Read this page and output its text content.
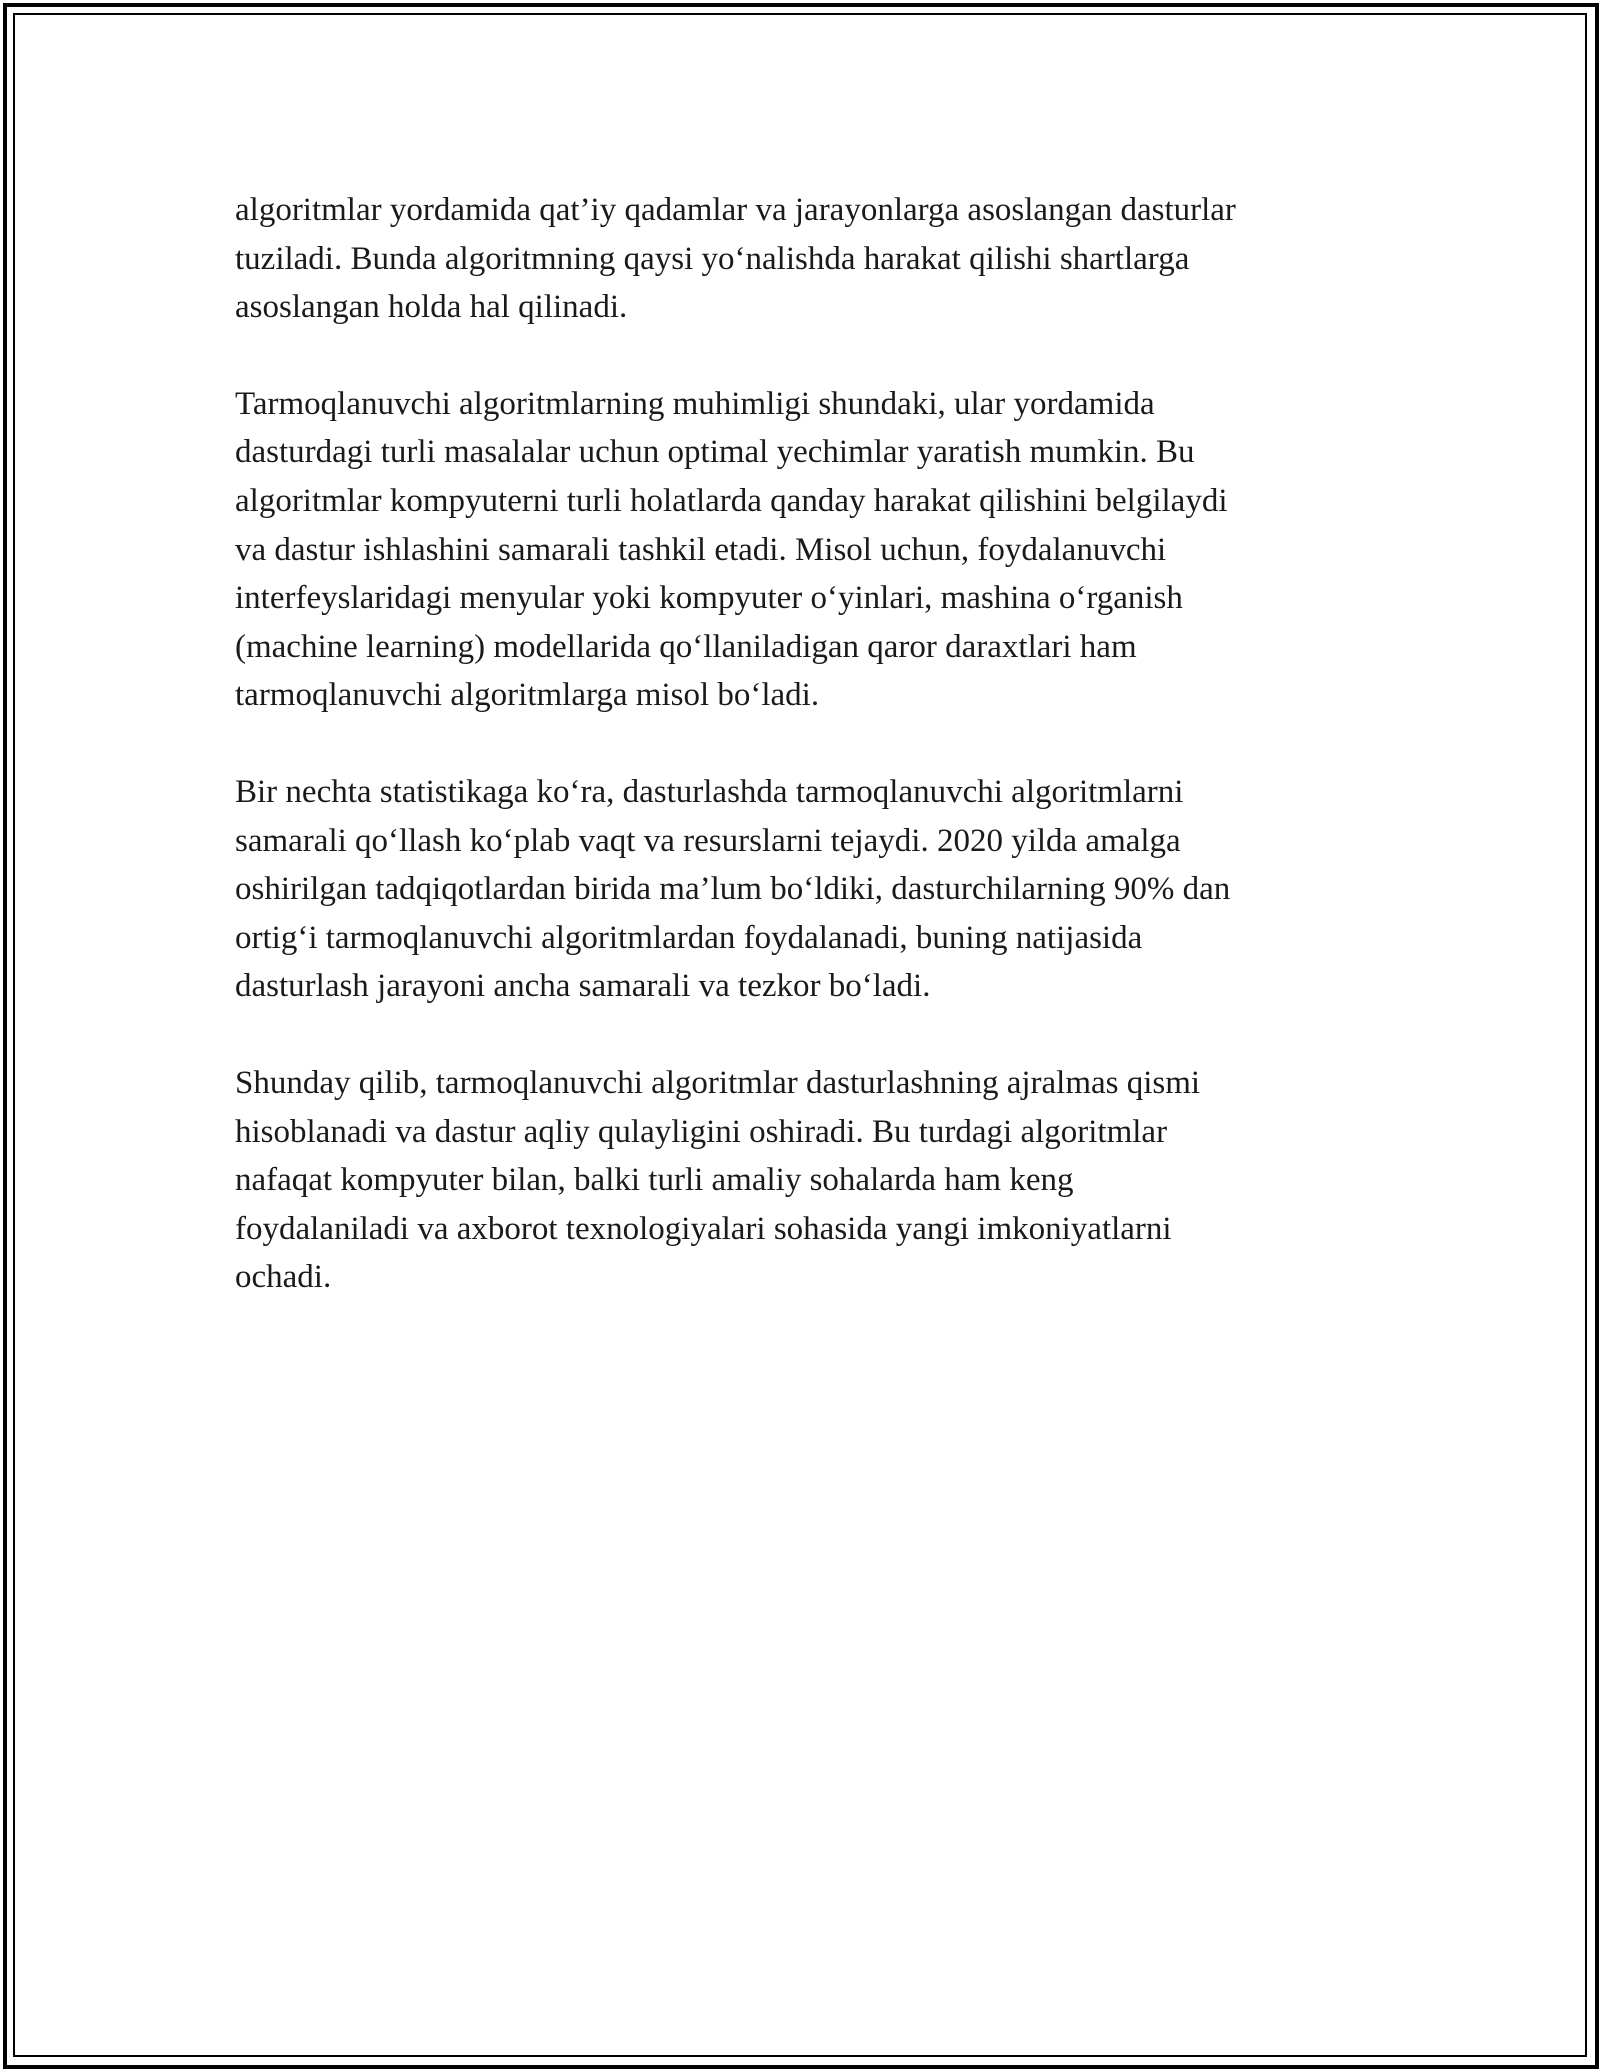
algoritmlar yordamida qat’iy qadamlar va jarayonlarga asoslangan dasturlar
tuziladi. Bunda algoritmning qaysi yo‘nalishda harakat qilishi shartlarga
asoslangan holda hal qilinadi.

Tarmoqlanuvchi algoritmlarning muhimligi shundaki, ular yordamida
dasturdagi turli masalalar uchun optimal yechimlar yaratish mumkin. Bu
algoritmlar kompyuterni turli holatlarda qanday harakat qilishini belgilaydi
va dastur ishlashini samarali tashkil etadi. Misol uchun, foydalanuvchi
interfeyslaridagi menyular yoki kompyuter o‘yinlari, mashina o‘rganish
(machine learning) modellarida qo‘llaniladigan qaror daraxtlari ham
tarmoqlanuvchi algoritmlarga misol bo‘ladi.

Bir nechta statistikaga ko‘ra, dasturlashda tarmoqlanuvchi algoritmlarni
samarali qo‘llash ko‘plab vaqt va resurslarni tejaydi. 2020 yilda amalga
oshirilgan tadqiqotlardan birida ma’lum bo‘ldiki, dasturchilarning 90% dan
ortig‘i tarmoqlanuvchi algoritmlardan foydalanadi, buning natijasida
dasturlash jarayoni ancha samarali va tezkor bo‘ladi.

Shunday qilib, tarmoqlanuvchi algoritmlar dasturlashning ajralmas qismi
hisoblanadi va dastur aqliy qulayligini oshiradi. Bu turdagi algoritmlar
nafaqat kompyuter bilan, balki turli amaliy sohalarda ham keng
foydalaniladi va axborot texnologiyalari sohasida yangi imkoniyatlarni
ochadi.
